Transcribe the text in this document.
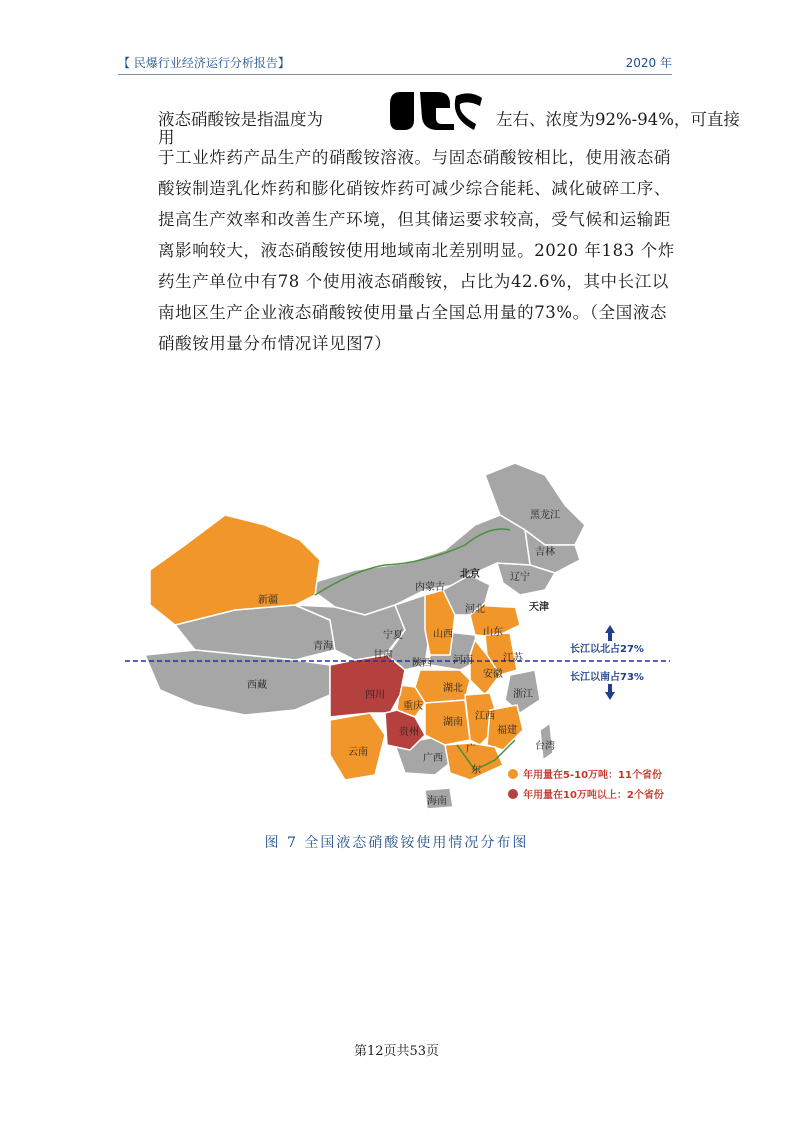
【 民爆行业经济运行分析报告】	2020 年
液态硝酸铵是指温度为
用
左右、浓度为92%-94%，可直接
于工业炸药产品生产的硝酸铵溶液。与固态硝酸铵相比，使用液态硝
酸铵制造乳化炸药和膨化硝铵炸药可减少综合能耗、减化破碎工序、
提高生产效率和改善生产环境，但其储运要求较高，受气候和运输距
离影响较大，液态硝酸铵使用地域南北差别明显。2020 年183 个炸
药生产单位中有78 个使用液态硝酸铵，占比为42.6%，其中长江以
南地区生产企业液态硝酸铵使用量占全国总用量的73%。（全国液态
硝酸铵用量分布情况详见图7）
黑龙江
吉林
辽宁
内蒙古
北京
天津
河北
山西	山东
新疆
青海
宁夏
甘肃
陕西 河南	江苏
安徽
西藏
四川
湖北
重庆
浙江
贵州
湖南
江西
福建
云南
广西
广
东
台湾
海南
长江以北占27%
长江以南占73%
年用量在5-10万吨：11个省份
年用量在10万吨以上：2个省份
图 7 全国液态硝酸铵使用情况分布图
第12页共53页
